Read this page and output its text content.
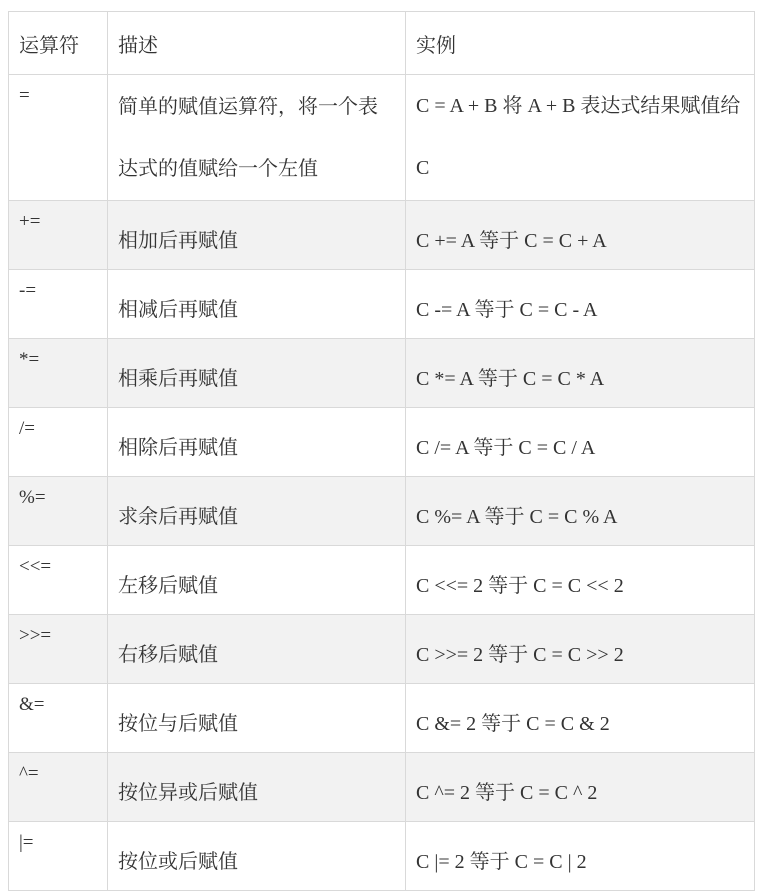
运算符	描述	实例

=	简单的赋值运算符，将一个表达式的值赋给一个左值	C = A + B 将 A + B 表达式结果赋值给 C

+=	相加后再赋值	C += A 等于 C = C + A

-=	相减后再赋值	C -= A 等于 C = C - A

*=	相乘后再赋值	C *= A 等于 C = C * A

/=	相除后再赋值	C /= A 等于 C = C / A

%=	求余后再赋值	C %= A 等于 C = C % A

<<=	左移后赋值	C <<= 2 等于 C = C << 2

>>=	右移后赋值	C >>= 2 等于 C = C >> 2

&=	按位与后赋值	C &= 2 等于 C = C & 2

^=	按位异或后赋值	C ^= 2 等于 C = C ^ 2

|=	按位或后赋值	C |= 2 等于 C = C | 2
